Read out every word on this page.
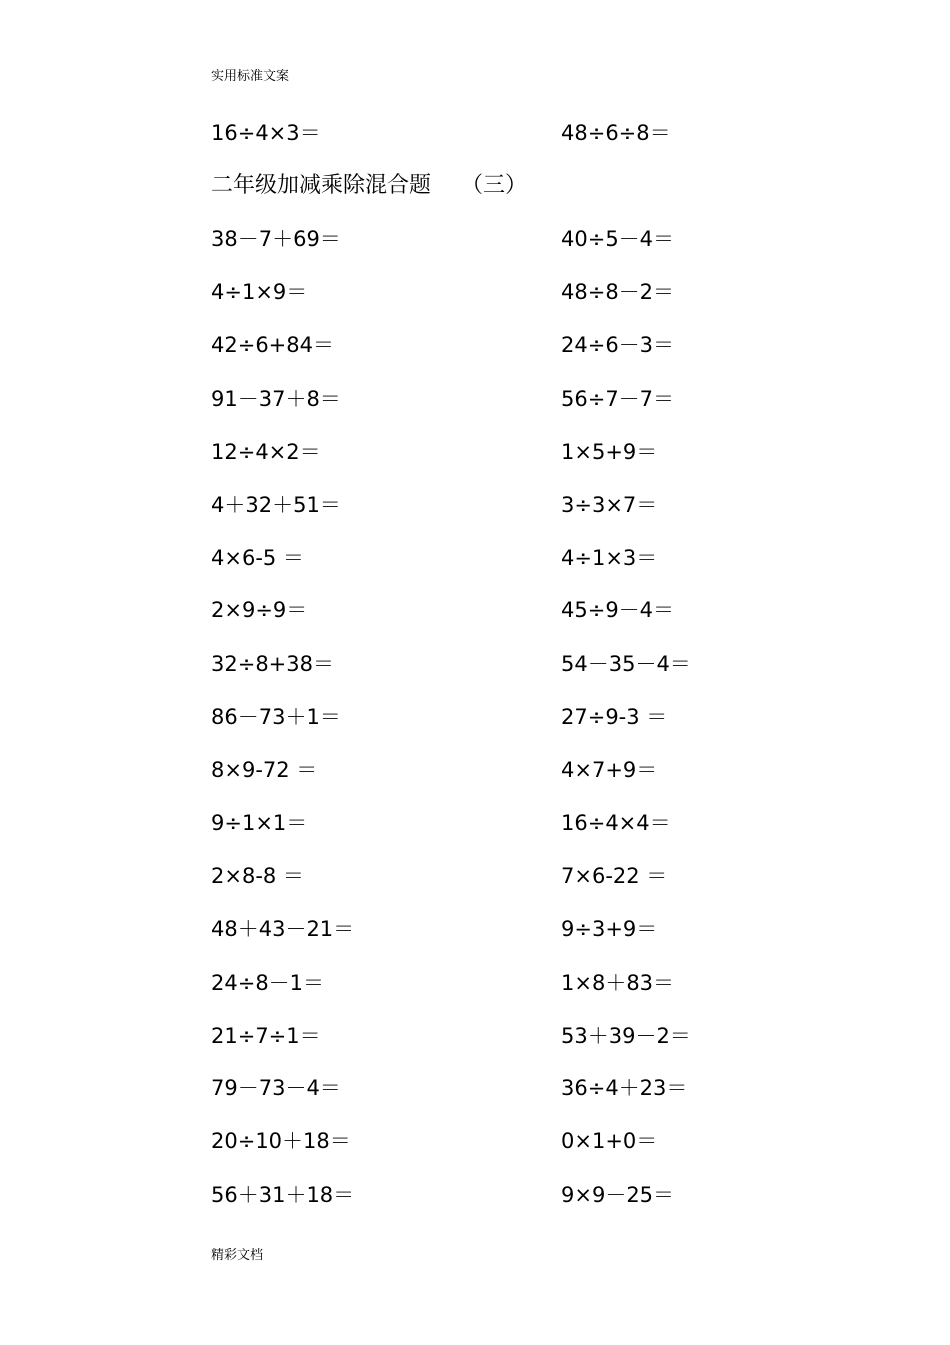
实用标准文案
16÷4×3＝	48÷6÷8＝
二年级加减乘除混合题 （三）
38－7＋69＝	40÷5－4＝
4÷1×9＝	48÷8－2＝
42÷6+84＝	24÷6－3＝
91－37＋8＝	56÷7－7＝
12÷4×2＝	1×5+9＝
4＋32＋51＝	3÷3×7＝
4×6-5 ＝	4÷1×3＝
2×9÷9＝	45÷9－4＝
32÷8+38＝	54－35－4＝
86－73＋1＝	27÷9-3 ＝
8×9-72 ＝	4×7+9＝
9÷1×1＝	16÷4×4＝
2×8-8 ＝	7×6-22 ＝
48＋43－21＝	9÷3+9＝
24÷8－1＝	1×8＋83＝
21÷7÷1＝	53＋39－2＝
79－73－4＝	36÷4＋23＝
20÷10＋18＝	0×1+0＝
56＋31＋18＝	9×9－25＝
精彩文档
